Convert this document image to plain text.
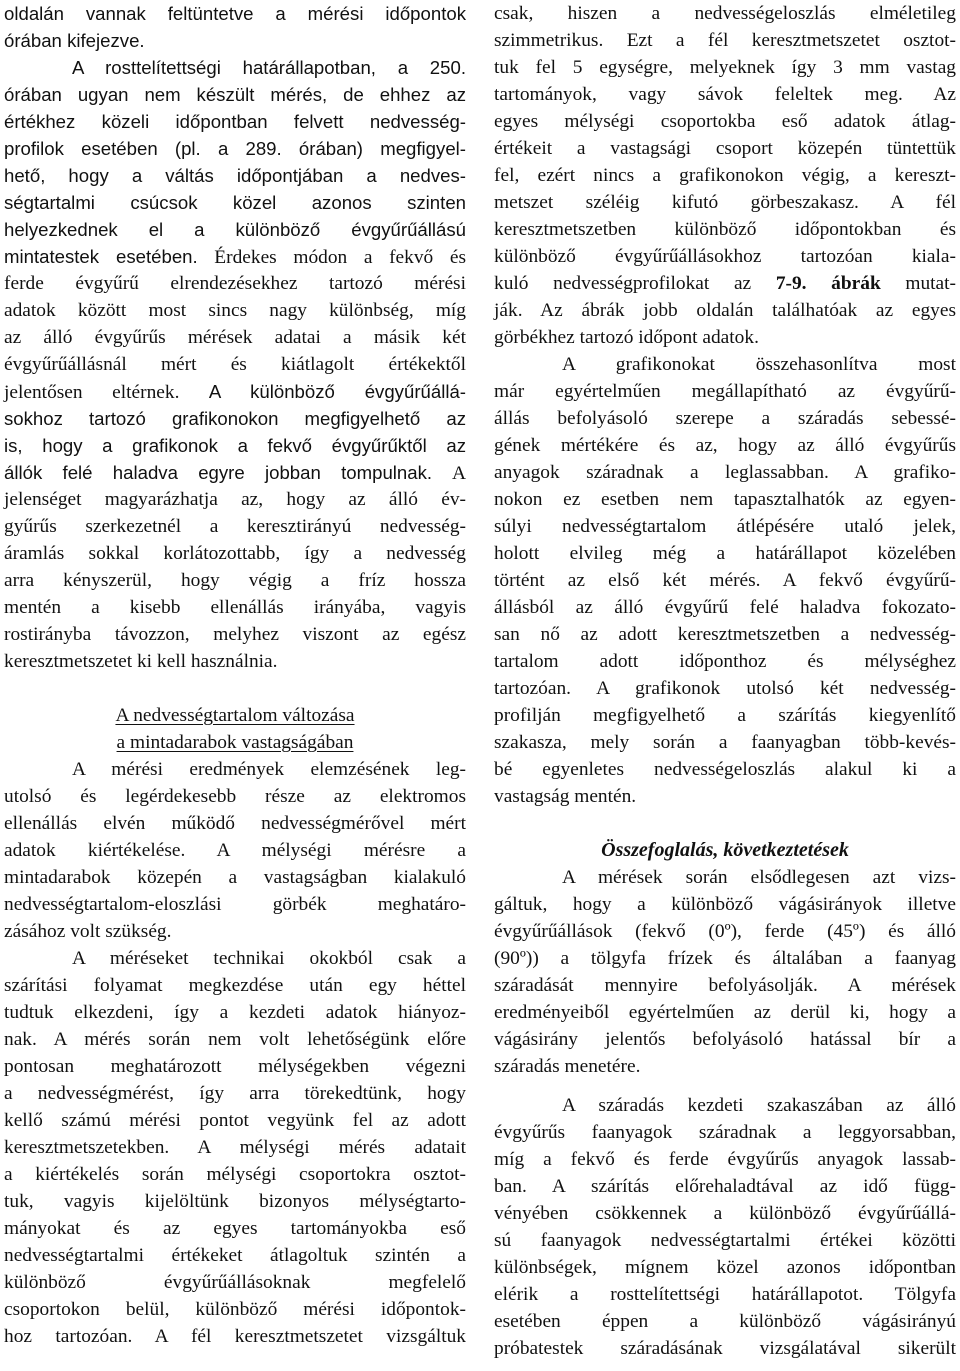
oldalán vannak feltüntetve a mérési időpontok
órában kifejezve.
A rosttelítettségi határállapotban, a 250.
órában ugyan nem készült mérés, de ehhez az
értékhez közeli időpontban felvett nedvesség-
profilok esetében (pl. a 289. órában) megfigyel-
hető, hogy a váltás időpontjában a nedves-
ségtartalmi csúcsok közel azonos szinten
helyezkednek el a különböző évgyűrűállású
mintatestek esetében. Érdekes módon a fekvő és
ferde évgyűrű elrendezésekhez tartozó mérési
adatok között most sincs nagy különbség, míg
az álló évgyűrűs mérések adatai a másik két
évgyűrűállásnál mért és kiátlagolt értékektől
jelentősen eltérnek. A különböző évgyűrűállá-
sokhoz tartozó grafikonokon megfigyelhető az
is, hogy a grafikonok a fekvő évgyűrűktől az
állók felé haladva egyre jobban tompulnak. A
jelenséget magyarázhatja az, hogy az álló év-
gyűrűs szerkezetnél a keresztirányú nedvesség-
áramlás sokkal korlátozottabb, így a nedvesség
arra kényszerül, hogy végig a fríz hossza
mentén a kisebb ellenállás irányába, vagyis
rostirányba távozzon, melyhez viszont az egész
keresztmetszetet ki kell használnia.
A nedvességtartalom változása
a mintadarabok vastagságában
A mérési eredmények elemzésének leg-
utolsó és legérdekesebb része az elektromos
ellenállás elvén működő nedvességmérővel mért
adatok kiértékelése. A mélységi mérésre a
mintadarabok közepén a vastagságban kialakuló
nedvességtartalom-eloszlási görbék meghatáro-
zásához volt szükség.
A méréseket technikai okokból csak a
szárítási folyamat megkezdése után egy héttel
tudtuk elkezdeni, így a kezdeti adatok hiányoz-
nak. A mérés során nem volt lehetőségünk előre
pontosan meghatározott mélységekben végezni
a nedvességmérést, így arra törekedtünk, hogy
kellő számú mérési pontot vegyünk fel az adott
keresztmetszetekben. A mélységi mérés adatait
a kiértékelés során mélységi csoportokra osztot-
tuk, vagyis kijelöltünk bizonyos mélységtarto-
mányokat és az egyes tartományokba eső
nedvességtartalmi értékeket átlagoltuk szintén a
különböző évgyűrűállásoknak megfelelő
csoportokon belül, különböző mérési időpontok-
hoz tartozóan. A fél keresztmetszetet vizsgáltuk
csak, hiszen a nedvességeloszlás elméletileg
szimmetrikus. Ezt a fél keresztmetszetet osztot-
tuk fel 5 egységre, melyeknek így 3 mm vastag
tartományok, vagy sávok feleltek meg. Az
egyes mélységi csoportokba eső adatok átlag-
értékeit a vastagsági csoport közepén tüntettük
fel, ezért nincs a grafikonokon végig, a kereszt-
metszet széléig kifutó görbeszakasz. A fél
keresztmetszetben különböző időpontokban és
különböző évgyűrűállásokhoz tartozóan kiala-
kuló nedvességprofilokat az 7-9. ábrák mutat-
ják. Az ábrák jobb oldalán találhatóak az egyes
görbékhez tartozó időpont adatok.
A grafikonokat összehasonlítva most
már egyértelműen megállapítható az évgyűrű-
állás befolyásoló szerepe a száradás sebessé-
gének mértékére és az, hogy az álló évgyűrűs
anyagok száradnak a leglassabban. A grafiko-
nokon ez esetben nem tapasztalhatók az egyen-
súlyi nedvességtartalom átlépésére utaló jelek,
holott elvileg még a határállapot közelében
történt az első két mérés. A fekvő évgyűrű-
állásból az álló évgyűrű felé haladva fokozato-
san nő az adott keresztmetszetben a nedvesség-
tartalom adott időponthoz és mélységhez
tartozóan. A grafikonok utolsó két nedvesség-
profilján megfigyelhető a szárítás kiegyenlítő
szakasza, mely során a faanyagban több-kevés-
bé egyenletes nedvességeloszlás alakul ki a
vastagság mentén.
Összefoglalás, következtetések
A mérések során elsődlegesen azt vizs-
gáltuk, hogy a különböző vágásirányok illetve
évgyűrűállások (fekvő (0º), ferde (45º) és álló
(90º)) a tölgyfa frízek és általában a faanyag
száradását mennyire befolyásolják. A mérések
eredményeiből egyértelműen az derül ki, hogy a
vágásirány jelentős befolyásoló hatással bír a
száradás menetére.
A száradás kezdeti szakaszában az álló
évgyűrűs faanyagok száradnak a leggyorsabban,
míg a fekvő és ferde évgyűrűs anyagok lassab-
ban. A szárítás előrehaladtával az idő függ-
vényében csökkennek a különböző évgyűrűállá-
sú faanyagok nedvességtartalmi értékei közötti
különbségek, mígnem közel azonos időpontban
elérik a rosttelítettségi határállapotot. Tölgyfa
esetében éppen a különböző vágásirányú
próbatestek száradásának vizsgálatával sikerült
